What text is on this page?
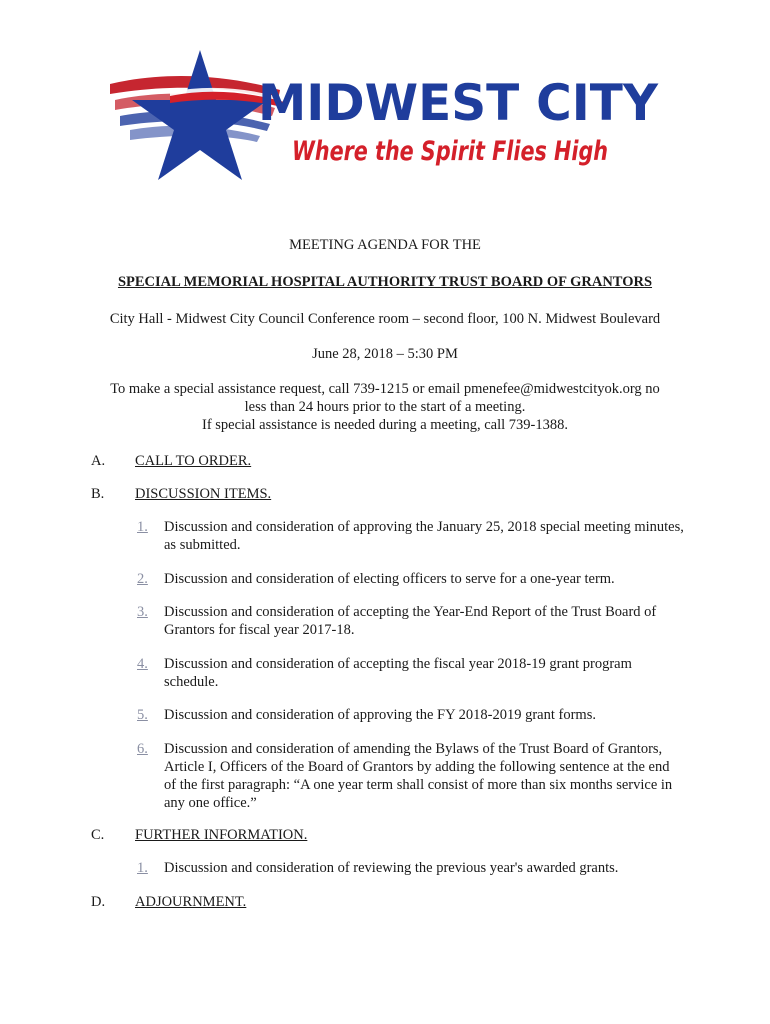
MIDWEST CITY
Where the Spirit Flies High
MEETING AGENDA FOR THE
SPECIAL MEMORIAL HOSPITAL AUTHORITY TRUST BOARD OF GRANTORS
City Hall - Midwest City Council Conference room – second floor, 100 N. Midwest Boulevard
June 28, 2018 – 5:30 PM
To make a special assistance request, call 739-1215 or email pmenefee@midwestcityok.org no
less than 24 hours prior to the start of a meeting.
If special assistance is needed during a meeting, call 739-1388.
A. CALL TO ORDER.
B. DISCUSSION ITEMS.
1. Discussion and consideration of approving the January 25, 2018 special meeting minutes, as submitted.
2. Discussion and consideration of electing officers to serve for a one-year term.
3. Discussion and consideration of accepting the Year-End Report of the Trust Board of Grantors for fiscal year 2017-18.
4. Discussion and consideration of accepting the fiscal year 2018-19 grant program schedule.
5. Discussion and consideration of approving the FY 2018-2019 grant forms.
6. Discussion and consideration of amending the Bylaws of the Trust Board of Grantors, Article I, Officers of the Board of Grantors by adding the following sentence at the end of the first paragraph: “A one year term shall consist of more than six months service in any one office.”
C. FURTHER INFORMATION.
1. Discussion and consideration of reviewing the previous year's awarded grants.
D. ADJOURNMENT.
